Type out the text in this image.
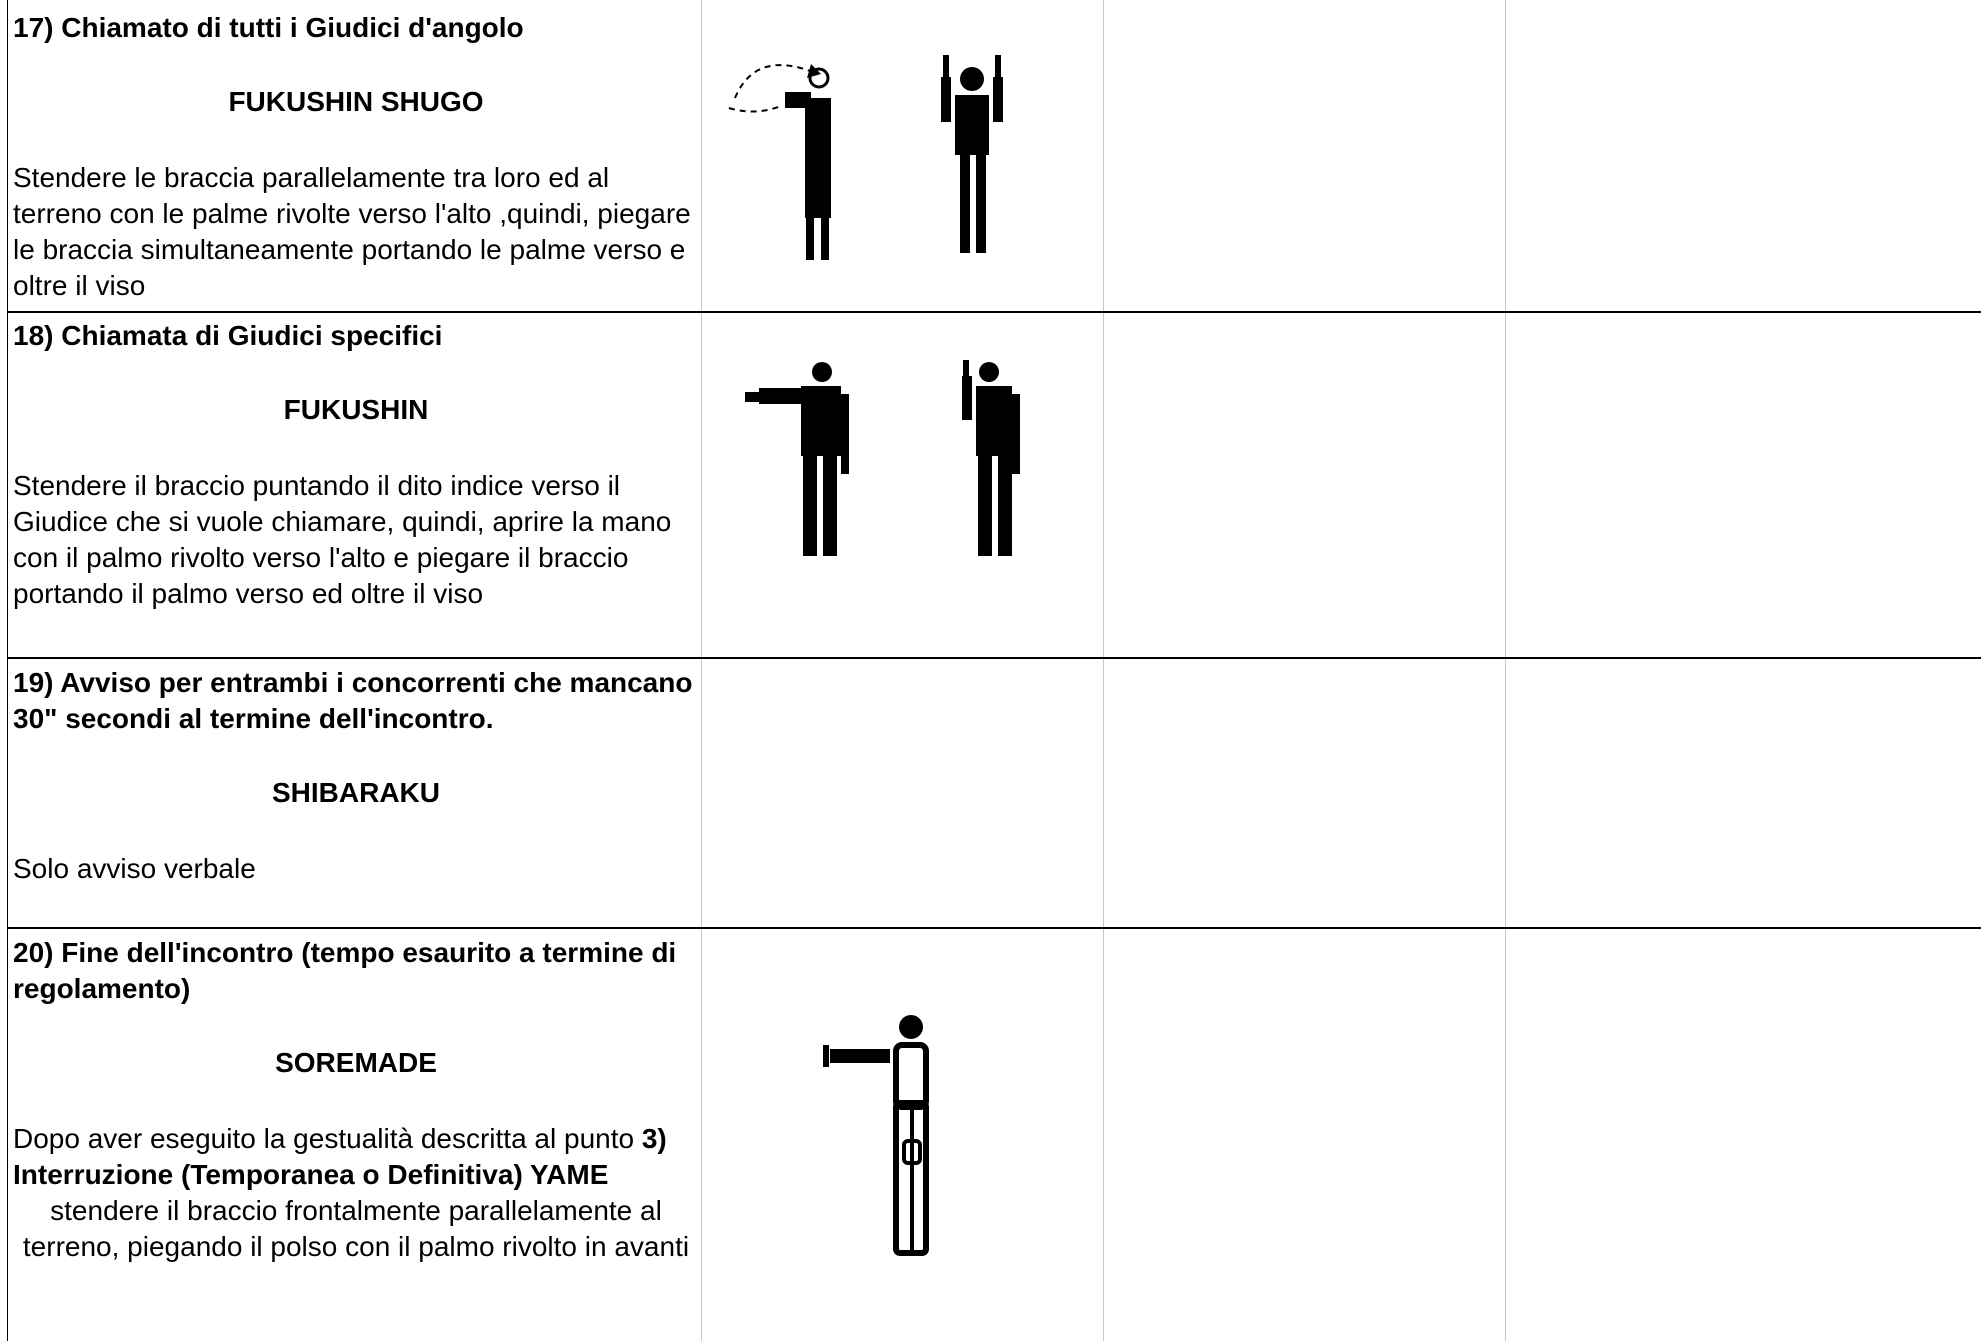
17) Chiamato di tutti i Giudici d'angolo

FUKUSHIN SHUGO

Stendere le braccia parallelamente tra loro ed al terreno con le palme rivolte verso l'alto ,quindi, piegare le braccia simultaneamente portando le palme verso e oltre il viso

18) Chiamata di Giudici specifici

FUKUSHIN

Stendere il braccio puntando il dito indice verso il Giudice che si vuole chiamare, quindi, aprire la mano con il palmo rivolto verso l'alto e piegare il braccio portando il palmo verso ed oltre il viso

19) Avviso per entrambi i concorrenti che mancano 30" secondi al termine dell'incontro.

SHIBARAKU

Solo avviso verbale

20) Fine dell'incontro (tempo esaurito a termine di regolamento)

SOREMADE

Dopo aver eseguito la gestualità descritta al punto 3) Interruzione (Temporanea o Definitiva) YAME

stendere il braccio frontalmente parallelamente al terreno, piegando il polso con il palmo rivolto in avanti
